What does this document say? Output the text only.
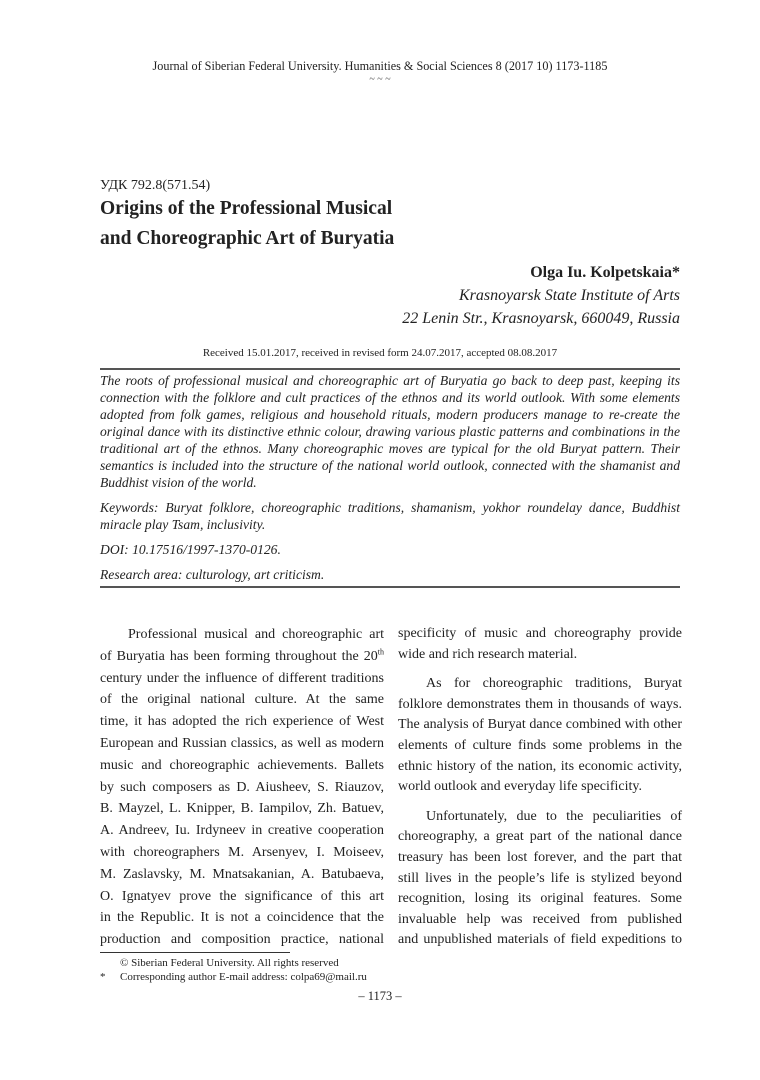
Journal of Siberian Federal University. Humanities & Social Sciences 8 (2017 10) 1173-1185
~ ~ ~
УДК 792.8(571.54)
Origins of the Professional Musical
and Choreographic Art of Buryatia
Olga Iu. Kolpetskaia*
Krasnoyarsk State Institute of Arts
22 Lenin Str., Krasnoyarsk, 660049, Russia
Received 15.01.2017, received in revised form 24.07.2017, accepted 08.08.2017

The roots of professional musical and choreographic art of Buryatia go back to deep past, keeping its connection with the folklore and cult practices of the ethnos and its world outlook. With some elements adopted from folk games, religious and household rituals, modern producers manage to re-create the original dance with its distinctive ethnic colour, drawing various plastic patterns and combinations in the traditional art of the ethnos. Many choreographic moves are typical for the old Buryat pattern. Their semantics is included into the structure of the national world outlook, connected with the shamanist and Buddhist vision of the world.

Keywords: Buryat folklore, choreographic traditions, shamanism, yokhor roundelay dance, Buddhist miracle play Tsam, inclusivity.

DOI: 10.17516/1997-1370-0126.

Research area: culturology, art criticism.

Professional musical and choreographic art
of Buryatia has been forming throughout the 20th
century under the influence of different traditions
of the original national culture. At the same
time, it has adopted the rich experience of West
European and Russian classics, as well as modern
music and choreographic achievements. Ballets
by such composers as D. Aiusheev, S. Riauzov,
B. Mayzel, L. Knipper, B. Iampilov, Zh. Batuev,
A. Andreev, Iu. Irdyneev in creative cooperation
with choreographers M. Arsenyev, I. Moiseev,
M. Zaslavsky, M. Mnatsakanian, A. Batubaeva,
O. Ignatyev prove the significance of this art
in the Republic. It is not a coincidence that the
production and composition practice, national
specificity of music and choreography provide
wide and rich research material.
As for choreographic traditions, Buryat
folklore demonstrates them in thousands of ways.
The analysis of Buryat dance combined with other
elements of culture finds some problems in the
ethnic history of the nation, its economic activity,
world outlook and everyday life specificity.
Unfortunately, due to the peculiarities of
choreography, a great part of the national dance
treasury has been lost forever, and the part that
still lives in the people’s life is stylized beyond
recognition, losing its original features. Some
invaluable help was received from published
and unpublished materials of field expeditions to
© Siberian Federal University. All rights reserved
* Corresponding author E-mail address: colpa69@mail.ru
– 1173 –
